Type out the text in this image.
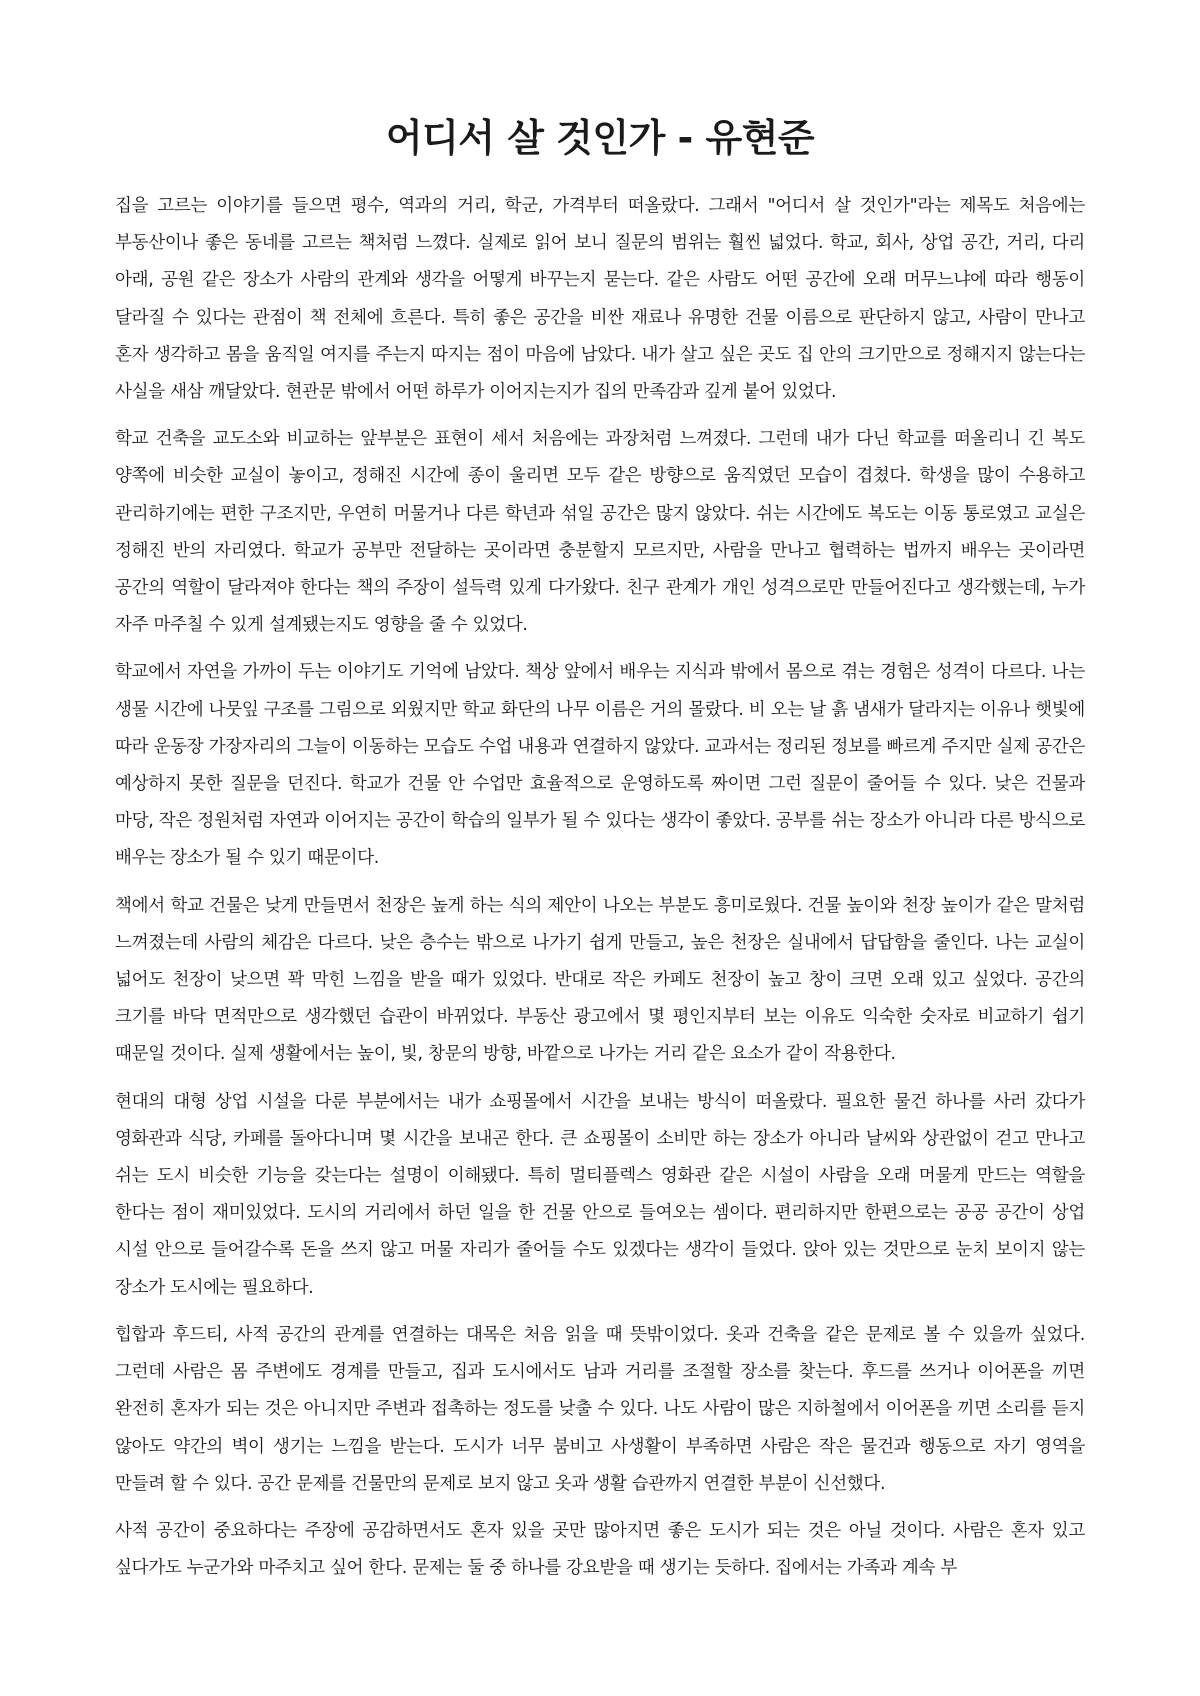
어디서 살 것인가 - 유현준

집을 고르는 이야기를 들으면 평수, 역과의 거리, 학군, 가격부터 떠올랐다. 그래서 "어디서 살 것인가"라는 제목도 처음에는 부동산이나 좋은 동네를 고르는 책처럼 느꼈다. 실제로 읽어 보니 질문의 범위는 훨씬 넓었다. 학교, 회사, 상업 공간, 거리, 다리 아래, 공원 같은 장소가 사람의 관계와 생각을 어떻게 바꾸는지 묻는다. 같은 사람도 어떤 공간에 오래 머무느냐에 따라 행동이 달라질 수 있다는 관점이 책 전체에 흐른다. 특히 좋은 공간을 비싼 재료나 유명한 건물 이름으로 판단하지 않고, 사람이 만나고 혼자 생각하고 몸을 움직일 여지를 주는지 따지는 점이 마음에 남았다. 내가 살고 싶은 곳도 집 안의 크기만으로 정해지지 않는다는 사실을 새삼 깨달았다. 현관문 밖에서 어떤 하루가 이어지는지가 집의 만족감과 깊게 붙어 있었다.

학교 건축을 교도소와 비교하는 앞부분은 표현이 세서 처음에는 과장처럼 느껴졌다. 그런데 내가 다닌 학교를 떠올리니 긴 복도 양쪽에 비슷한 교실이 놓이고, 정해진 시간에 종이 울리면 모두 같은 방향으로 움직였던 모습이 겹쳤다. 학생을 많이 수용하고 관리하기에는 편한 구조지만, 우연히 머물거나 다른 학년과 섞일 공간은 많지 않았다. 쉬는 시간에도 복도는 이동 통로였고 교실은 정해진 반의 자리였다. 학교가 공부만 전달하는 곳이라면 충분할지 모르지만, 사람을 만나고 협력하는 법까지 배우는 곳이라면 공간의 역할이 달라져야 한다는 책의 주장이 설득력 있게 다가왔다. 친구 관계가 개인 성격으로만 만들어진다고 생각했는데, 누가 자주 마주칠 수 있게 설계됐는지도 영향을 줄 수 있었다.

학교에서 자연을 가까이 두는 이야기도 기억에 남았다. 책상 앞에서 배우는 지식과 밖에서 몸으로 겪는 경험은 성격이 다르다. 나는 생물 시간에 나뭇잎 구조를 그림으로 외웠지만 학교 화단의 나무 이름은 거의 몰랐다. 비 오는 날 흙 냄새가 달라지는 이유나 햇빛에 따라 운동장 가장자리의 그늘이 이동하는 모습도 수업 내용과 연결하지 않았다. 교과서는 정리된 정보를 빠르게 주지만 실제 공간은 예상하지 못한 질문을 던진다. 학교가 건물 안 수업만 효율적으로 운영하도록 짜이면 그런 질문이 줄어들 수 있다. 낮은 건물과 마당, 작은 정원처럼 자연과 이어지는 공간이 학습의 일부가 될 수 있다는 생각이 좋았다. 공부를 쉬는 장소가 아니라 다른 방식으로 배우는 장소가 될 수 있기 때문이다.

책에서 학교 건물은 낮게 만들면서 천장은 높게 하는 식의 제안이 나오는 부분도 흥미로웠다. 건물 높이와 천장 높이가 같은 말처럼 느껴졌는데 사람의 체감은 다르다. 낮은 층수는 밖으로 나가기 쉽게 만들고, 높은 천장은 실내에서 답답함을 줄인다. 나는 교실이 넓어도 천장이 낮으면 꽉 막힌 느낌을 받을 때가 있었다. 반대로 작은 카페도 천장이 높고 창이 크면 오래 있고 싶었다. 공간의 크기를 바닥 면적만으로 생각했던 습관이 바뀌었다. 부동산 광고에서 몇 평인지부터 보는 이유도 익숙한 숫자로 비교하기 쉽기 때문일 것이다. 실제 생활에서는 높이, 빛, 창문의 방향, 바깥으로 나가는 거리 같은 요소가 같이 작용한다.

현대의 대형 상업 시설을 다룬 부분에서는 내가 쇼핑몰에서 시간을 보내는 방식이 떠올랐다. 필요한 물건 하나를 사러 갔다가 영화관과 식당, 카페를 돌아다니며 몇 시간을 보내곤 한다. 큰 쇼핑몰이 소비만 하는 장소가 아니라 날씨와 상관없이 걷고 만나고 쉬는 도시 비슷한 기능을 갖는다는 설명이 이해됐다. 특히 멀티플렉스 영화관 같은 시설이 사람을 오래 머물게 만드는 역할을 한다는 점이 재미있었다. 도시의 거리에서 하던 일을 한 건물 안으로 들여오는 셈이다. 편리하지만 한편으로는 공공 공간이 상업 시설 안으로 들어갈수록 돈을 쓰지 않고 머물 자리가 줄어들 수도 있겠다는 생각이 들었다. 앉아 있는 것만으로 눈치 보이지 않는 장소가 도시에는 필요하다.

힙합과 후드티, 사적 공간의 관계를 연결하는 대목은 처음 읽을 때 뜻밖이었다. 옷과 건축을 같은 문제로 볼 수 있을까 싶었다. 그런데 사람은 몸 주변에도 경계를 만들고, 집과 도시에서도 남과 거리를 조절할 장소를 찾는다. 후드를 쓰거나 이어폰을 끼면 완전히 혼자가 되는 것은 아니지만 주변과 접촉하는 정도를 낮출 수 있다. 나도 사람이 많은 지하철에서 이어폰을 끼면 소리를 듣지 않아도 약간의 벽이 생기는 느낌을 받는다. 도시가 너무 붐비고 사생활이 부족하면 사람은 작은 물건과 행동으로 자기 영역을 만들려 할 수 있다. 공간 문제를 건물만의 문제로 보지 않고 옷과 생활 습관까지 연결한 부분이 신선했다.

사적 공간이 중요하다는 주장에 공감하면서도 혼자 있을 곳만 많아지면 좋은 도시가 되는 것은 아닐 것이다. 사람은 혼자 있고 싶다가도 누군가와 마주치고 싶어 한다. 문제는 둘 중 하나를 강요받을 때 생기는 듯하다. 집에서는 가족과 계속 부
